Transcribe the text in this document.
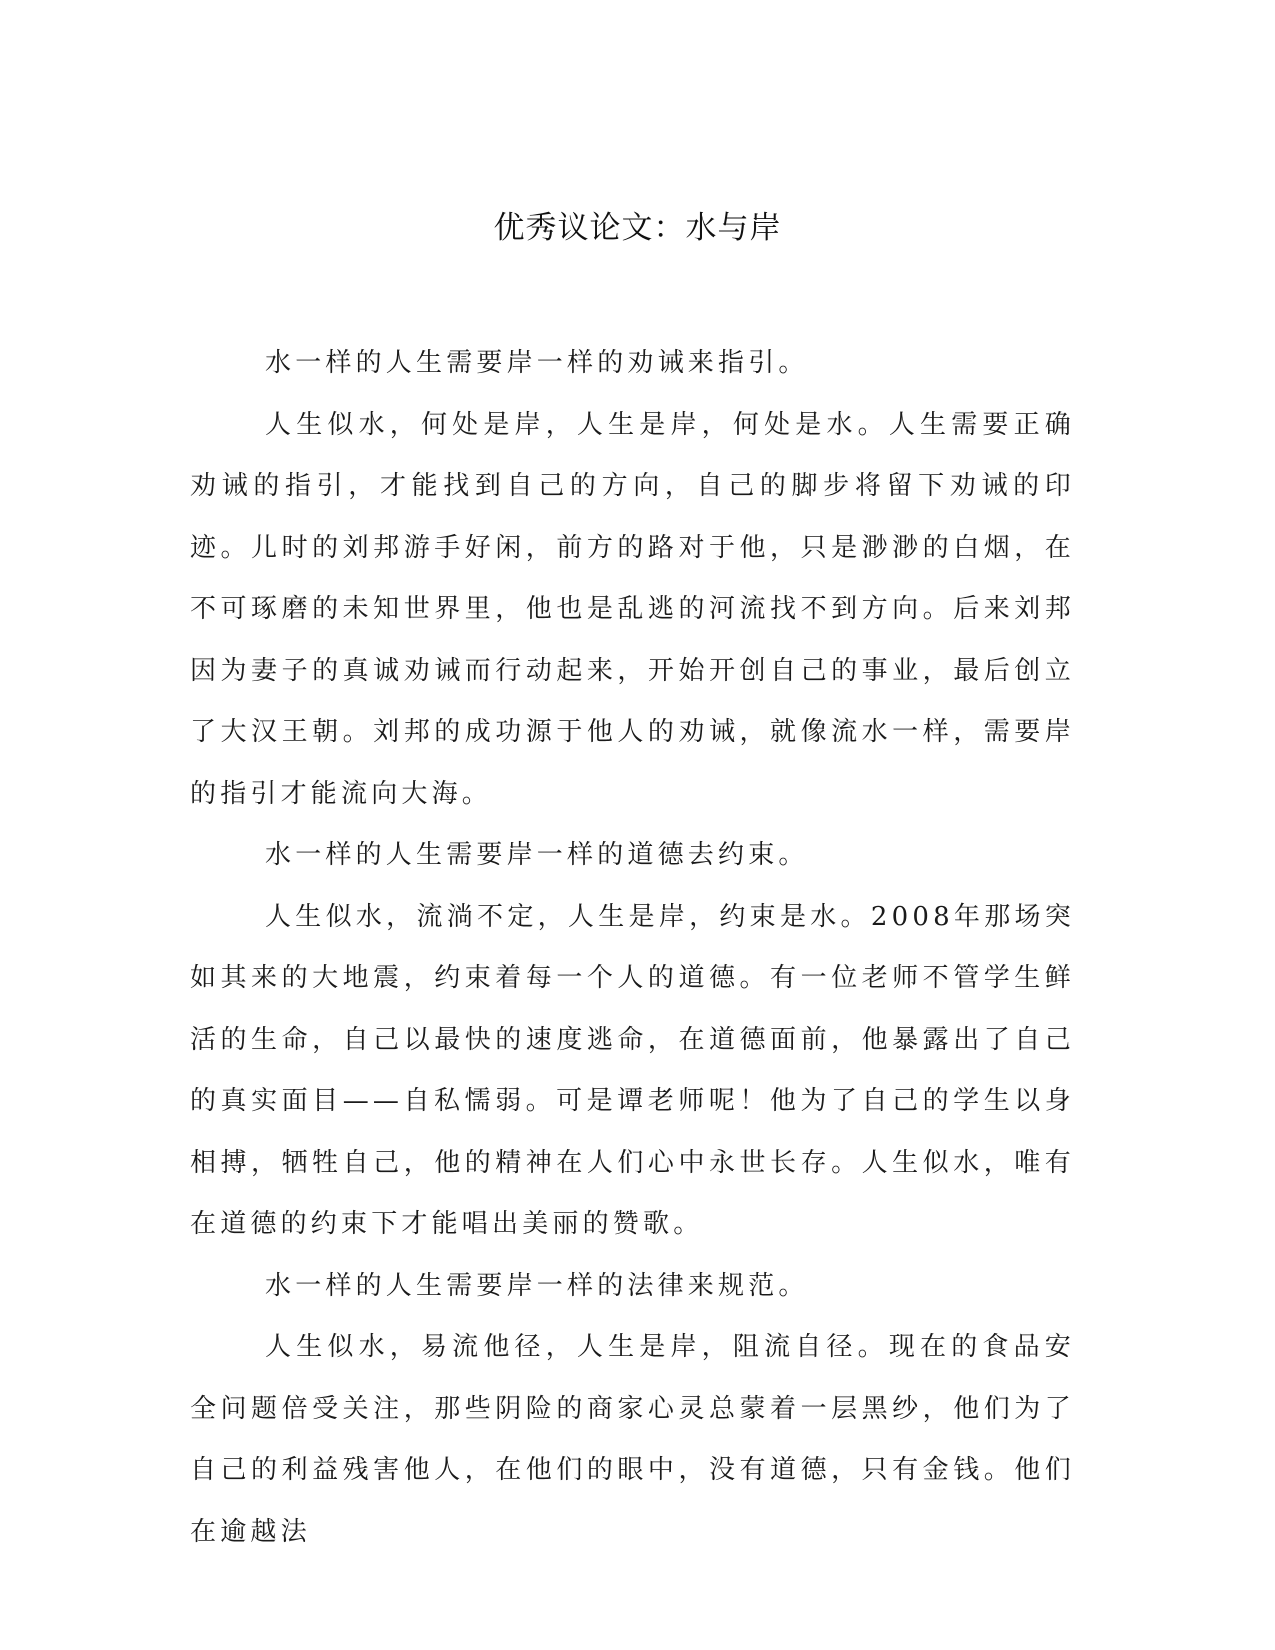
优秀议论文：水与岸

水一样的人生需要岸一样的劝诫来指引。

人生似水，何处是岸，人生是岸，何处是水。人生需要正确劝诫的指引，才能找到自己的方向，自己的脚步将留下劝诫的印迹。儿时的刘邦游手好闲，前方的路对于他，只是渺渺的白烟，在不可琢磨的未知世界里，他也是乱逃的河流找不到方向。后来刘邦因为妻子的真诚劝诫而行动起来，开始开创自己的事业，最后创立了大汉王朝。刘邦的成功源于他人的劝诫，就像流水一样，需要岸的指引才能流向大海。

水一样的人生需要岸一样的道德去约束。

人生似水，流淌不定，人生是岸，约束是水。2008年那场突如其来的大地震，约束着每一个人的道德。有一位老师不管学生鲜活的生命，自己以最快的速度逃命，在道德面前，他暴露出了自己的真实面目——自私懦弱。可是谭老师呢！他为了自己的学生以身相搏，牺牲自己，他的精神在人们心中永世长存。人生似水，唯有在道德的约束下才能唱出美丽的赞歌。

水一样的人生需要岸一样的法律来规范。

人生似水，易流他径，人生是岸，阻流自径。现在的食品安全问题倍受关注，那些阴险的商家心灵总蒙着一层黑纱，他们为了自己的利益残害他人，在他们的眼中，没有道德，只有金钱。他们在逾越法
